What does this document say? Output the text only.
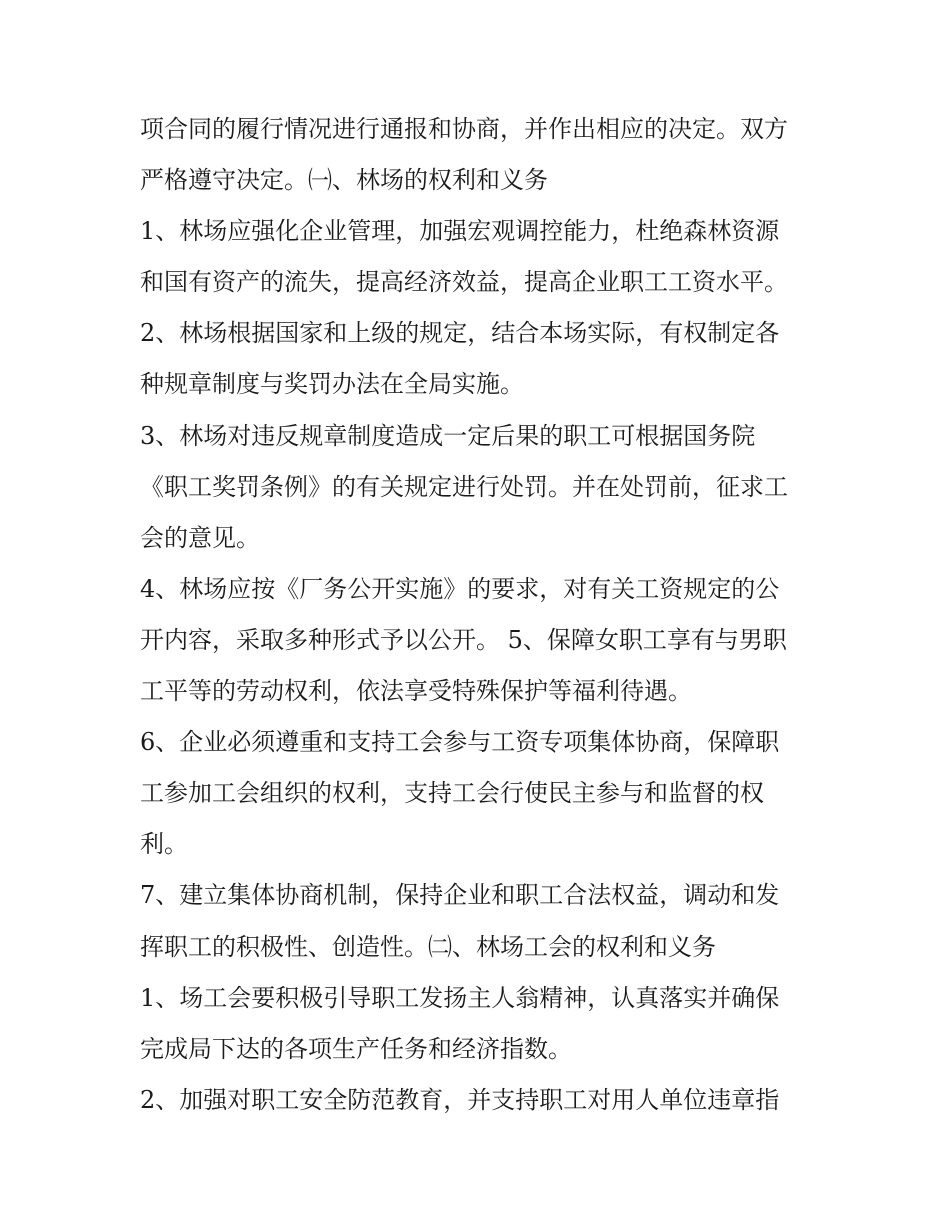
项合同的履行情况进行通报和协商，并作出相应的决定。双方
严格遵守决定。㈠、林场的权利和义务
1、林场应强化企业管理，加强宏观调控能力，杜绝森林资源
和国有资产的流失，提高经济效益，提高企业职工工资水平。
2、林场根据国家和上级的规定，结合本场实际，有权制定各
种规章制度与奖罚办法在全局实施。
3、林场对违反规章制度造成一定后果的职工可根据国务院
《职工奖罚条例》的有关规定进行处罚。并在处罚前，征求工
会的意见。
4、林场应按《厂务公开实施》的要求，对有关工资规定的公
开内容，采取多种形式予以公开。 5、保障女职工享有与男职
工平等的劳动权利，依法享受特殊保护等福利待遇。
6、企业必须遵重和支持工会参与工资专项集体协商，保障职
工参加工会组织的权利，支持工会行使民主参与和监督的权
利。
7、建立集体协商机制，保持企业和职工合法权益，调动和发
挥职工的积极性、创造性。㈡、林场工会的权利和义务
1、场工会要积极引导职工发扬主人翁精神，认真落实并确保
完成局下达的各项生产任务和经济指数。
2、加强对职工安全防范教育，并支持职工对用人单位违章指
